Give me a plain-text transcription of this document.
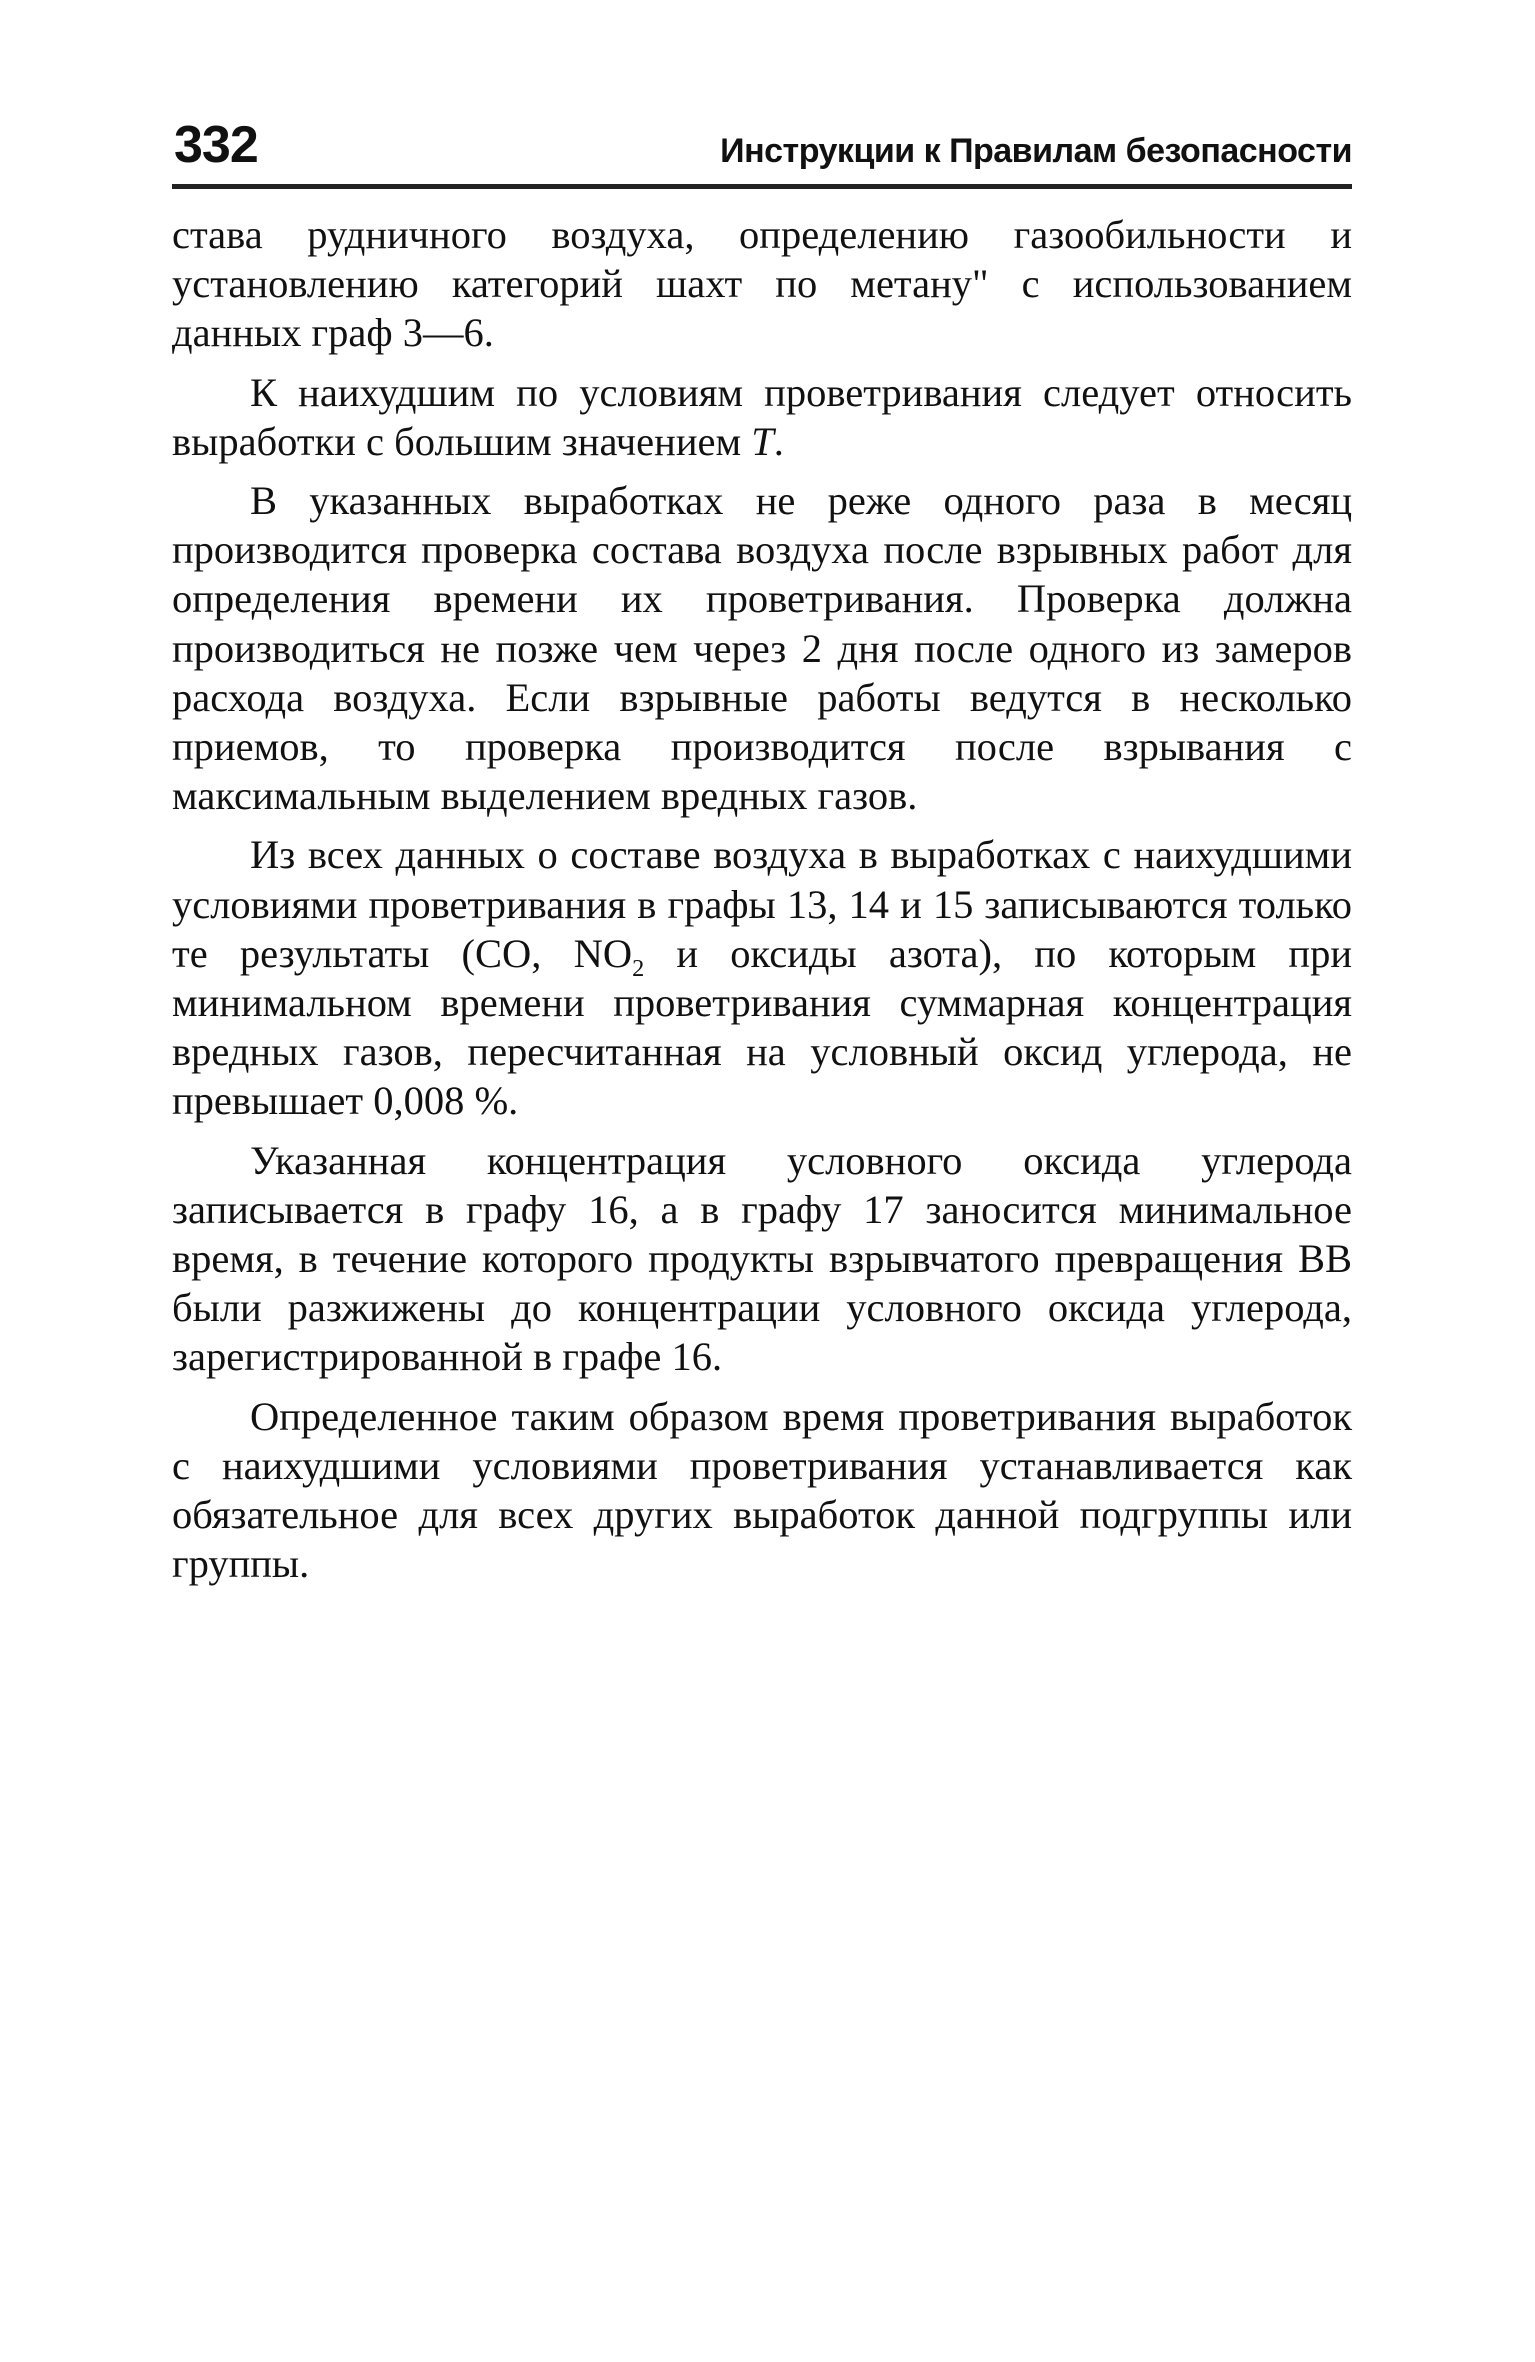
332	Инструкции к Правилам безопасности

става рудничного воздуха, определению газообильности и установлению категорий шахт по метану" с использованием данных граф 3—6.

К наихудшим по условиям проветривания следует относить выработки с большим значением T.

В указанных выработках не реже одного раза в месяц производится проверка состава воздуха после взрывных работ для определения времени их проветривания. Проверка должна производиться не позже чем через 2 дня после одного из замеров расхода воздуха. Если взрывные работы ведутся в несколько приемов, то проверка производится после взрывания с максимальным выделением вредных газов.

Из всех данных о составе воздуха в выработках с наихудшими условиями проветривания в графы 13, 14 и 15 записываются только те результаты (CO, $NO_2$ и оксиды азота), по которым при минимальном времени проветривания суммарная концентрация вредных газов, пересчитанная на условный оксид углерода, не превышает 0,008 %.

Указанная концентрация условного оксида углерода записывается в графу 16, а в графу 17 заносится минимальное время, в течение которого продукты взрывчатого превращения ВВ были разжижены до концентрации условного оксида углерода, зарегистрированной в графе 16.

Определенное таким образом время проветривания выработок с наихудшими условиями проветривания устанавливается как обязательное для всех других выработок данной подгруппы или группы.
